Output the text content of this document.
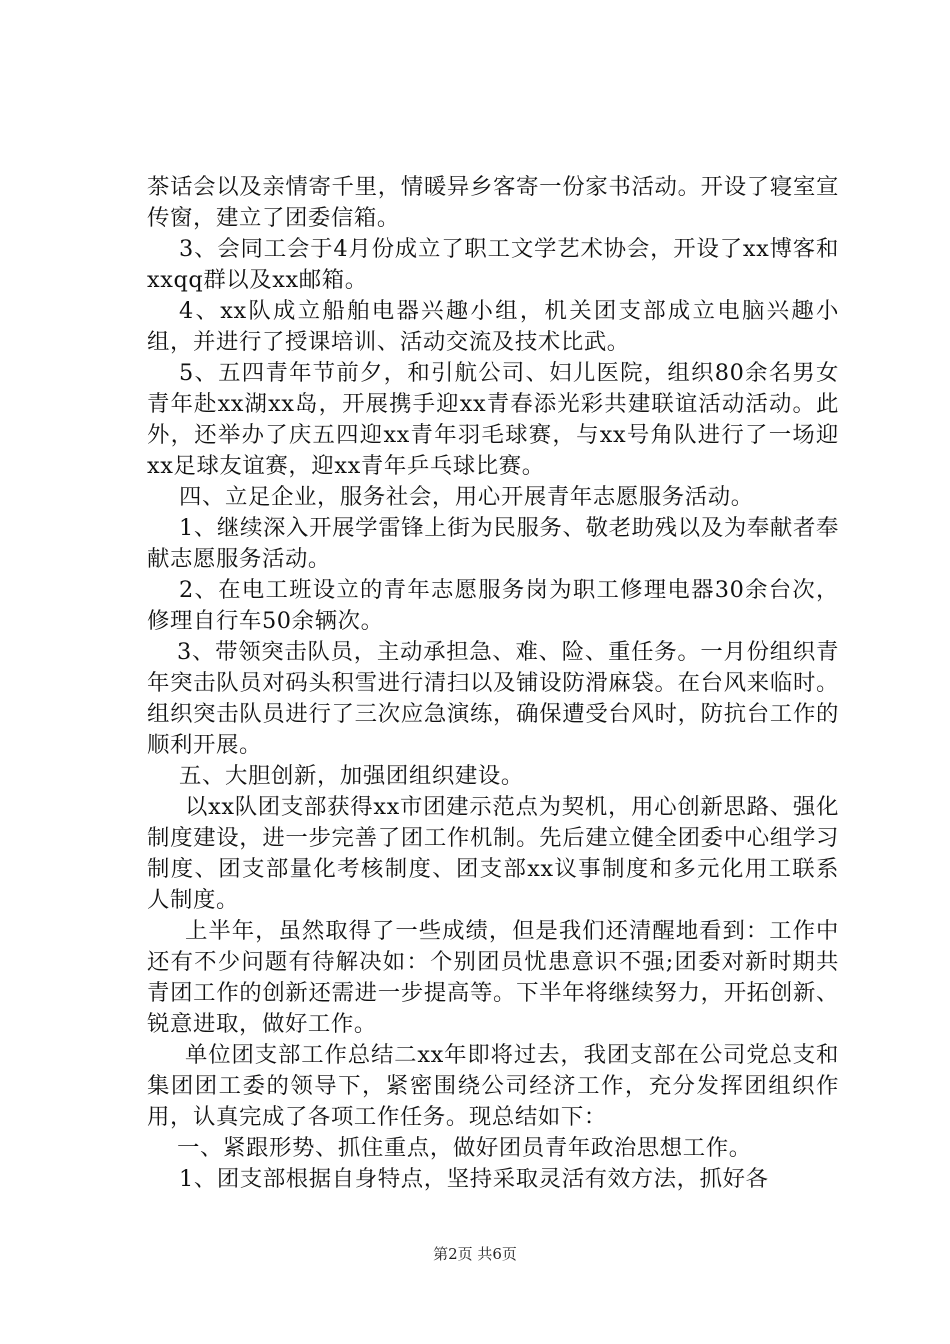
茶话会以及亲情寄千里，情暖异乡客寄一份家书活动。开设了寝室宣传窗，建立了团委信箱。

3、会同工会于4月份成立了职工文学艺术协会，开设了xx博客和xxqq群以及xx邮箱。

4、xx队成立船舶电器兴趣小组，机关团支部成立电脑兴趣小组，并进行了授课培训、活动交流及技术比武。

5、五四青年节前夕，和引航公司、妇儿医院，组织80余名男女青年赴xx湖xx岛，开展携手迎xx青春添光彩共建联谊活动活动。此外，还举办了庆五四迎xx青年羽毛球赛，与xx号角队进行了一场迎xx足球友谊赛，迎xx青年乒乓球比赛。

四、立足企业，服务社会，用心开展青年志愿服务活动。

1、继续深入开展学雷锋上街为民服务、敬老助残以及为奉献者奉献志愿服务活动。

2、在电工班设立的青年志愿服务岗为职工修理电器30余台次，修理自行车50余辆次。

3、带领突击队员，主动承担急、难、险、重任务。一月份组织青年突击队员对码头积雪进行清扫以及铺设防滑麻袋。在台风来临时。组织突击队员进行了三次应急演练，确保遭受台风时，防抗台工作的顺利开展。

五、大胆创新，加强团组织建设。

以xx队团支部获得xx市团建示范点为契机，用心创新思路、强化制度建设，进一步完善了团工作机制。先后建立健全团委中心组学习制度、团支部量化考核制度、团支部xx议事制度和多元化用工联系人制度。

上半年，虽然取得了一些成绩，但是我们还清醒地看到：工作中还有不少问题有待解决如：个别团员忧患意识不强;团委对新时期共青团工作的创新还需进一步提高等。下半年将继续努力，开拓创新、锐意进取，做好工作。

单位团支部工作总结二xx年即将过去，我团支部在公司党总支和集团团工委的领导下，紧密围绕公司经济工作，充分发挥团组织作用，认真完成了各项工作任务。现总结如下：

一、紧跟形势、抓住重点，做好团员青年政治思想工作。

1、团支部根据自身特点，坚持采取灵活有效方法，抓好各

第2页 共6页
